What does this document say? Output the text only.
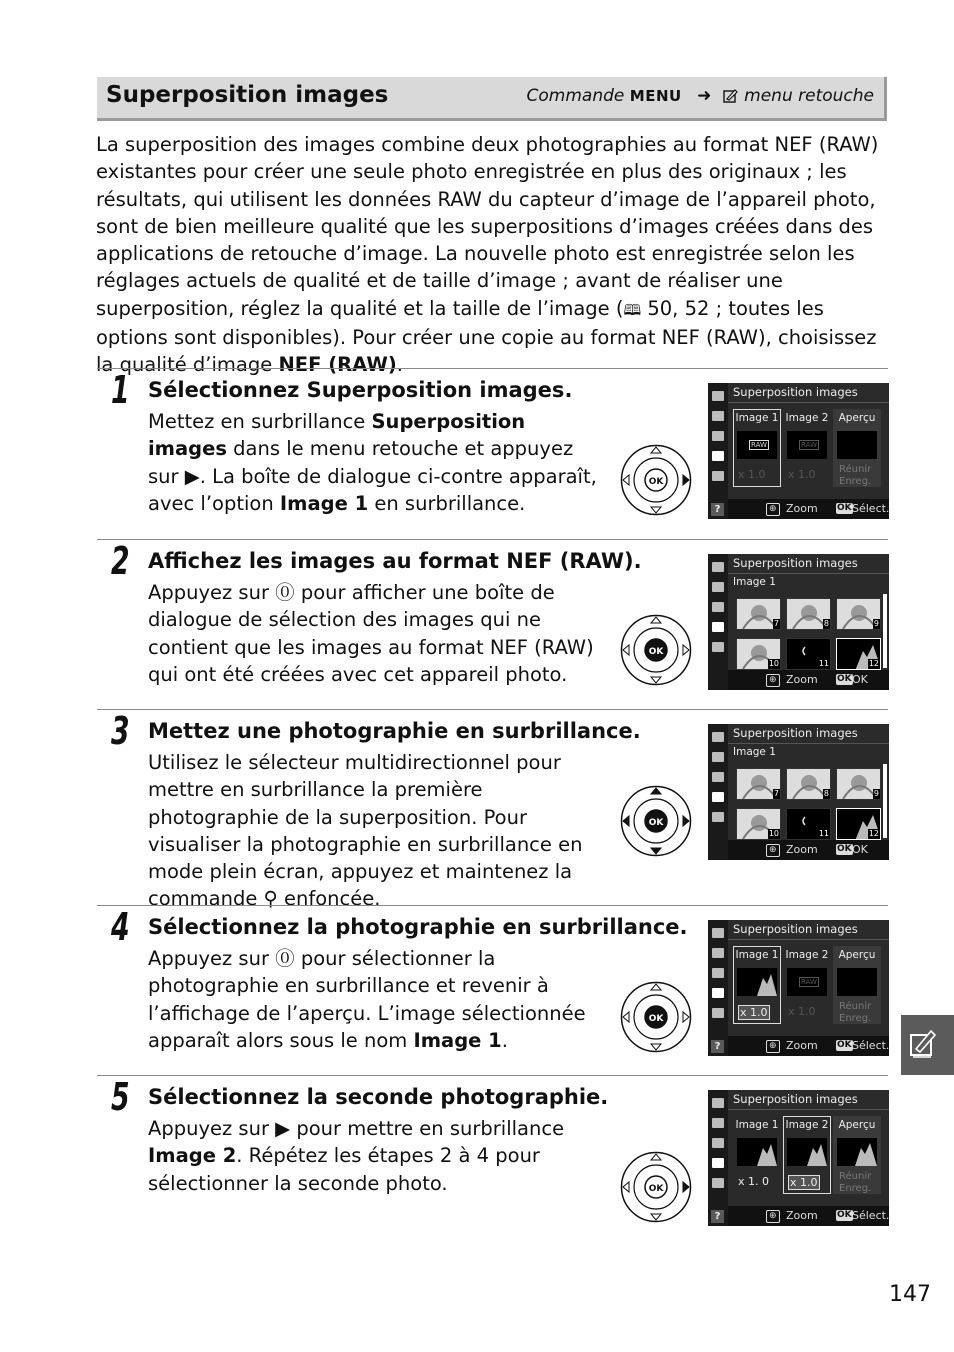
Superposition images	Commande MENU ➜ menu retouche
La superposition des images combine deux photographies au format NEF (RAW) existantes pour créer une seule photo enregistrée en plus des originaux ; les résultats, qui utilisent les données RAW du capteur d’image de l’appareil photo, sont de bien meilleure qualité que les superpositions d’images créées dans des applications de retouche d’image. La nouvelle photo est enregistrée selon les réglages actuels de qualité et de taille d’image ; avant de réaliser une superposition, réglez la qualité et la taille de l’image (🕮 50, 52 ; toutes les options sont disponibles). Pour créer une copie au format NEF (RAW), choisissez la qualité d’image NEF (RAW).
1 Sélectionnez Superposition images.
Mettez en surbrillance Superposition images dans le menu retouche et appuyez sur ▶. La boîte de dialogue ci-contre apparaît, avec l’option Image 1 en surbrillance.
OK
Superposition images
Image 1
RAW
x 1.0
Image 2
RAW
x 1.0
Aperçu
Réunir
Enreg.
⊕ Zoom OK Sélect.
?
2 Affichez les images au format NEF (RAW).
Appuyez sur ⓪ pour afficher une boîte de dialogue de sélection des images qui ne contient que les images au format NEF (RAW) qui ont été créées avec cet appareil photo.
OK
Superposition images
Image 1
7	8	9
10	11	12
⊕ Zoom OK OK
3 Mettez une photographie en surbrillance.
Utilisez le sélecteur multidirectionnel pour mettre en surbrillance la première photographie de la superposition. Pour visualiser la photographie en surbrillance en mode plein écran, appuyez et maintenez la commande ⚲ enfoncée.
OK
Superposition images
Image 1
7	8	9
10	11	12
⊕ Zoom OK OK
4 Sélectionnez la photographie en surbrillance.
Appuyez sur ⓪ pour sélectionner la photographie en surbrillance et revenir à l’affichage de l’aperçu. L’image sélectionnée apparaît alors sous le nom Image 1.
OK
Superposition images
Image 1
x 1.0
Image 2
RAW
x 1.0
Aperçu
Réunir
Enreg.
⊕ Zoom OK Sélect.
?
5 Sélectionnez la seconde photographie.
Appuyez sur ▶ pour mettre en surbrillance Image 2. Répétez les étapes 2 à 4 pour sélectionner la seconde photo.	OK
Superposition images
Image 1
x 1. 0
Image 2
x 1.0
Aperçu
Réunir
Enreg.
⊕ Zoom OK Sélect.
?
147
